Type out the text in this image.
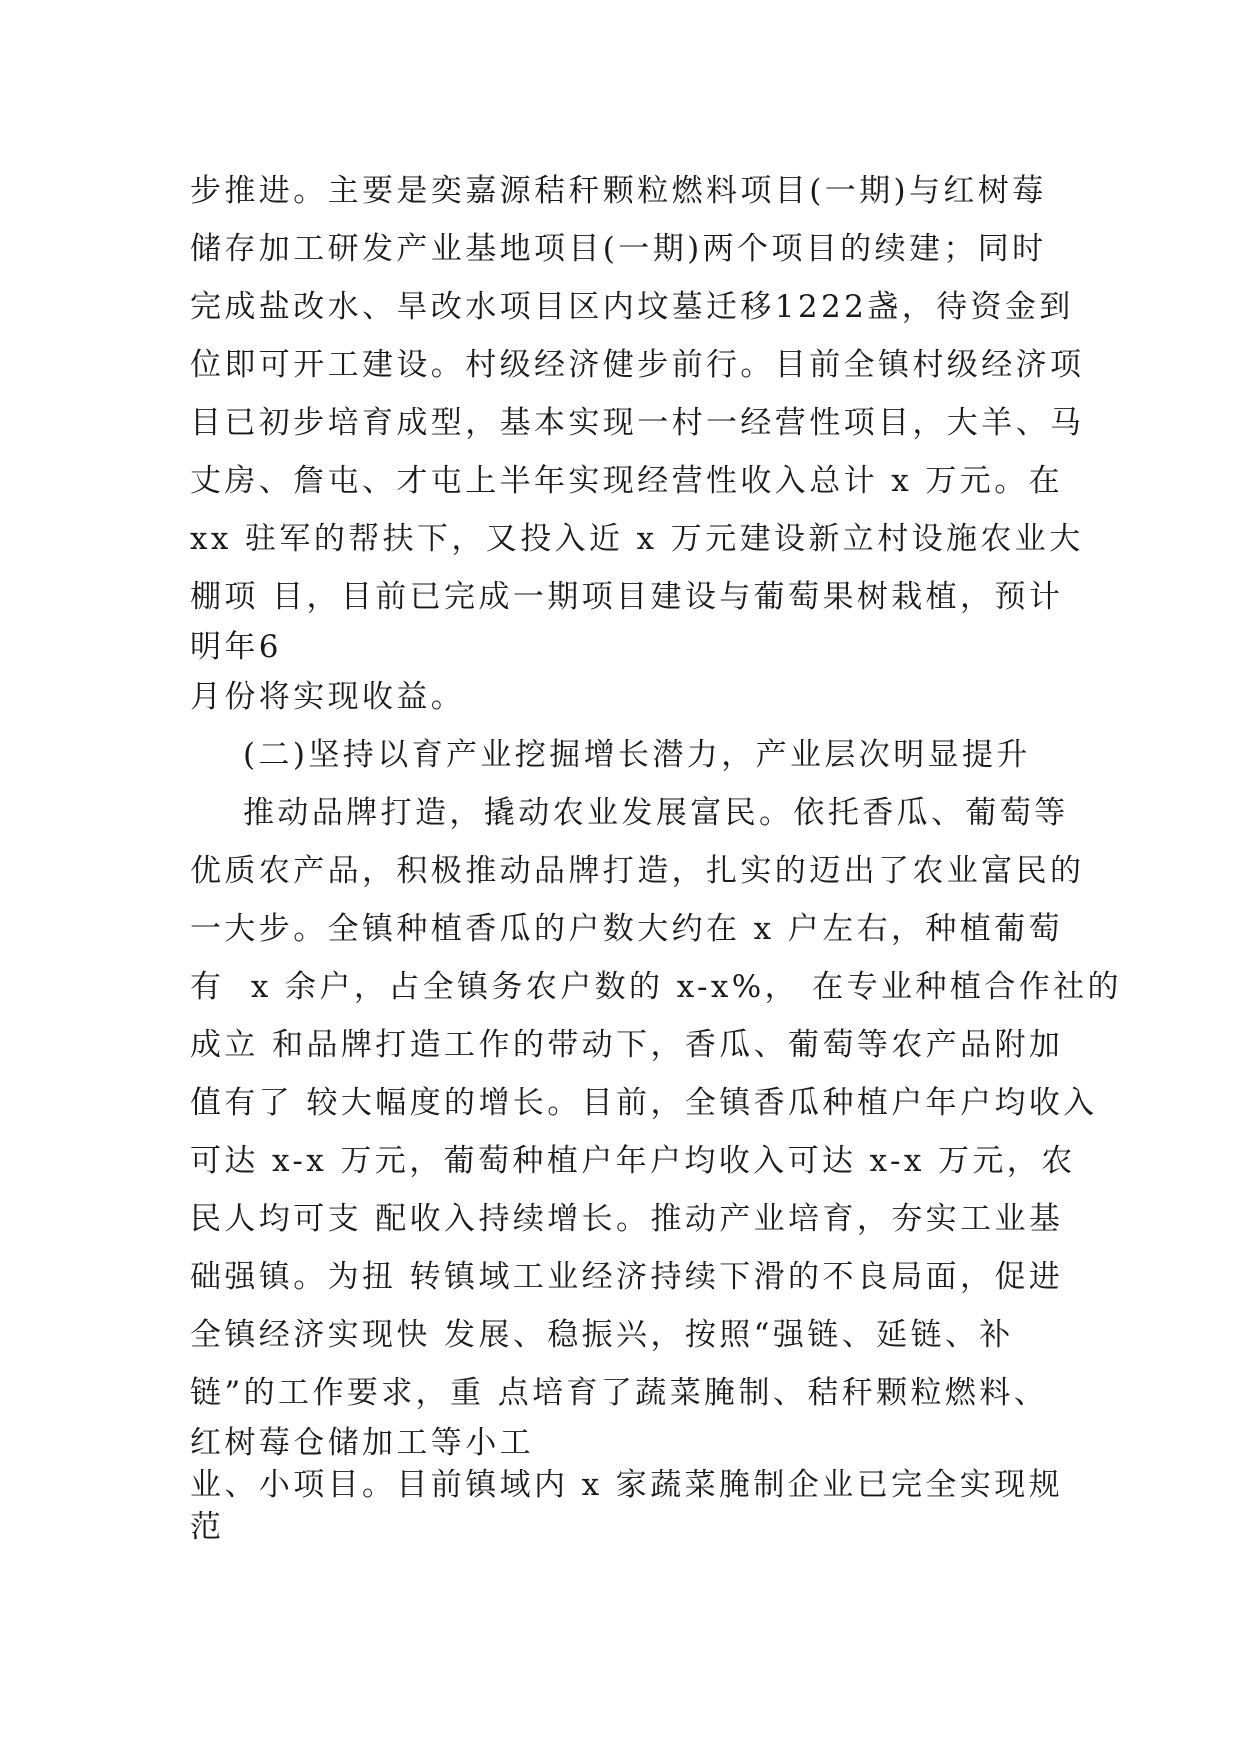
步推进。主要是奕嘉源秸秆颗粒燃料项目(一期)与红树莓
储存加工研发产业基地项目(一期)两个项目的续建；同时
完成盐改水、旱改水项目区内坟墓迁移1222盏，待资金到
位即可开工建设。村级经济健步前行。目前全镇村级经济项
目已初步培育成型，基本实现一村一经营性项目，大羊、马
丈房、詹屯、才屯上半年实现经营性收入总计 x 万元。在
xx 驻军的帮扶下，又投入近 x 万元建设新立村设施农业大
棚项 目，目前已完成一期项目建设与葡萄果树栽植，预计
明年6
月份将实现收益。
(二)坚持以育产业挖掘增长潜力，产业层次明显提升
推动品牌打造，撬动农业发展富民。依托香瓜、葡萄等
优质农产品，积极推动品牌打造，扎实的迈出了农业富民的
一大步。全镇种植香瓜的户数大约在 x 户左右，种植葡萄
有  x 余户，占全镇务农户数的 x-x%， 在专业种植合作社的
成立 和品牌打造工作的带动下，香瓜、葡萄等农产品附加
值有了 较大幅度的增长。目前，全镇香瓜种植户年户均收入
可达 x-x 万元，葡萄种植户年户均收入可达 x-x 万元，农
民人均可支 配收入持续增长。推动产业培育，夯实工业基
础强镇。为扭 转镇域工业经济持续下滑的不良局面，促进
全镇经济实现快 发展、稳振兴，按照“强链、延链、补
链”的工作要求，重 点培育了蔬菜腌制、秸秆颗粒燃料、
红树莓仓储加工等小工
业、小项目。目前镇域内 x 家蔬菜腌制企业已完全实现规
范
